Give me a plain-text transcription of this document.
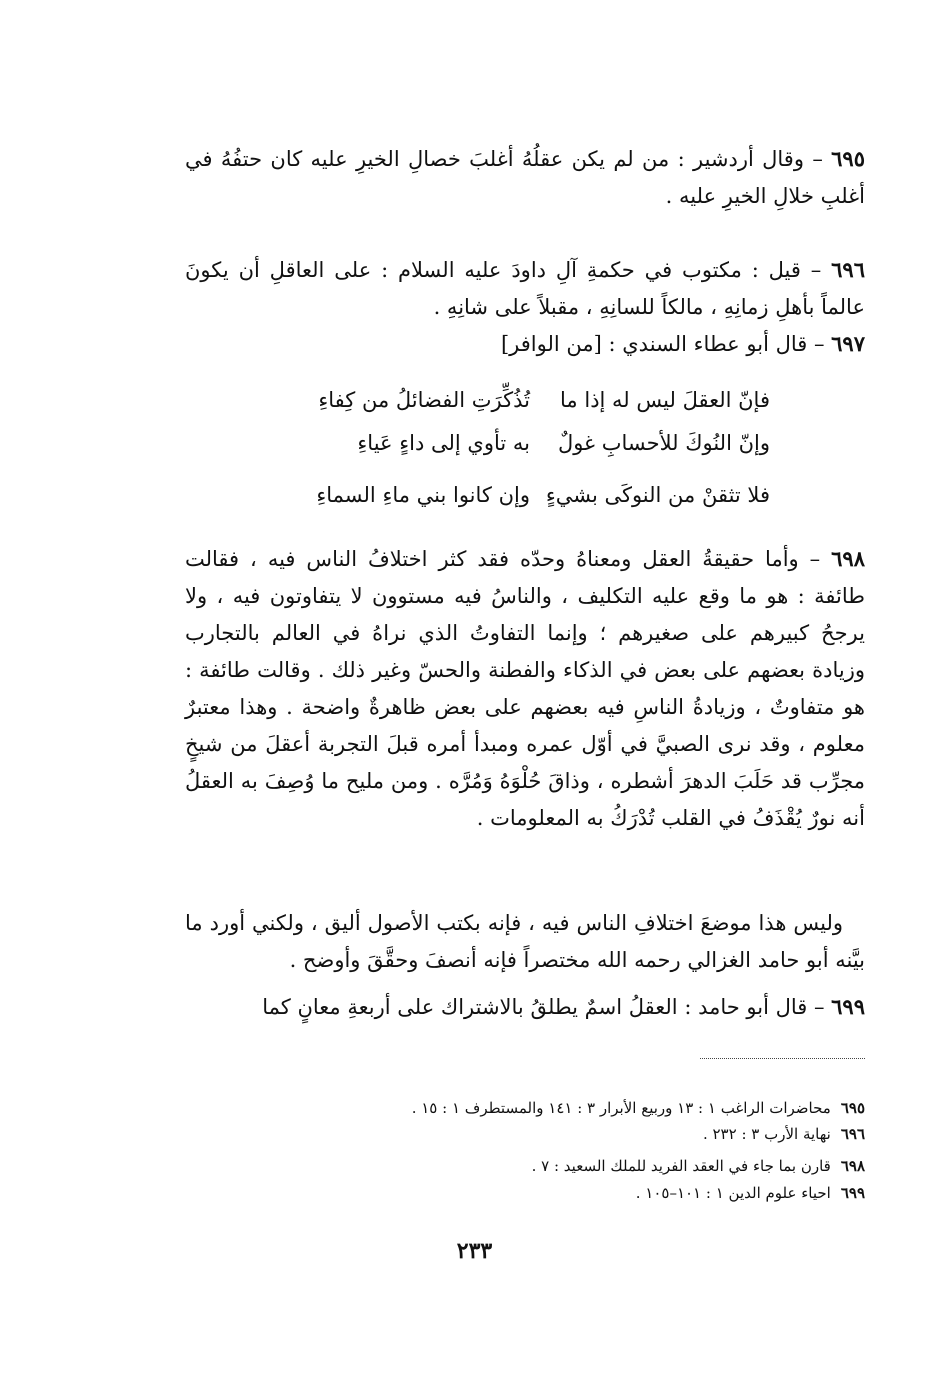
٦٩٥ – وقال أردشير : من لم يكن عقلُهُ أغلبَ خصالِ الخيرِ عليه كان حتفُهُ في أغلبِ خلالِ الخيرِ عليه .
٦٩٦ – قيل : مكتوب في حكمةِ آلِ داودَ عليه السلام : على العاقلِ أن يكونَ عالماً بأهلِ زمانِهِ ، مالكاً للسانِهِ ، مقبلاً على شانِهِ .
٦٩٧ – قال أبو عطاء السندي : [من الوافر]
فإنّ العقلَ ليس له إذا ما
تُذُكِّرَتِ الفضائلُ من كِفاءِ
وإنّ النُوكَ للأحسابِ غولٌ
به تأوي إلى داءٍ عَياءِ
فلا تثقنْ من النوكَى بشيءٍ
وإن كانوا بني ماءِ السماءِ
٦٩٨ – وأما حقيقةُ العقل ومعناهُ وحدّه فقد كثر اختلافُ الناس فيه ، فقالت طائفة : هو ما وقع عليه التكليف ، والناسُ فيه مستوون لا يتفاوتون فيه ، ولا يرجحُ كبيرهم على صغيرهم ؛ وإنما التفاوتُ الذي نراهُ في العالم بالتجارب وزيادة بعضهم على بعض في الذكاء والفطنة والحسّ وغير ذلك . وقالت طائفة : هو متفاوتٌ ، وزيادةُ الناسِ فيه بعضهم على بعض ظاهرةٌ واضحة . وهذا معتبرٌ معلوم ، وقد نرى الصبيَّ في أوّل عمره ومبدأ أمره قبلَ التجربة أعقلَ من شيخٍ مجرِّب قد حَلَبَ الدهرَ أشطره ، وذاقَ حُلْوَهُ وَمُرَّه . ومن مليح ما وُصِفَ به العقلُ أنه نورٌ يُقْذَفُ في القلب تُدْرَكُ به المعلومات .
وليس هذا موضعَ اختلافِ الناس فيه ، فإنه بكتب الأصول أليق ، ولكني أورد ما بيَّنه أبو حامد الغزالي رحمه الله مختصراً فإنه أنصفَ وحقَّقَ وأوضح .
٦٩٩ – قال أبو حامد : العقلُ اسمٌ يطلقُ بالاشتراك على أربعةِ معانٍ كما
٦٩٥محاضرات الراغب ١ : ١٣ وربيع الأبرار ٣ : ١٤١ والمستطرف ١ : ١٥ .
٦٩٦نهاية الأرب ٣ : ٢٣٢ .
٦٩٨قارن بما جاء في العقد الفريد للملك السعيد : ٧ .
٦٩٩احياء علوم الدين ١ : ١٠١–١٠٥ .
٢٣٣
